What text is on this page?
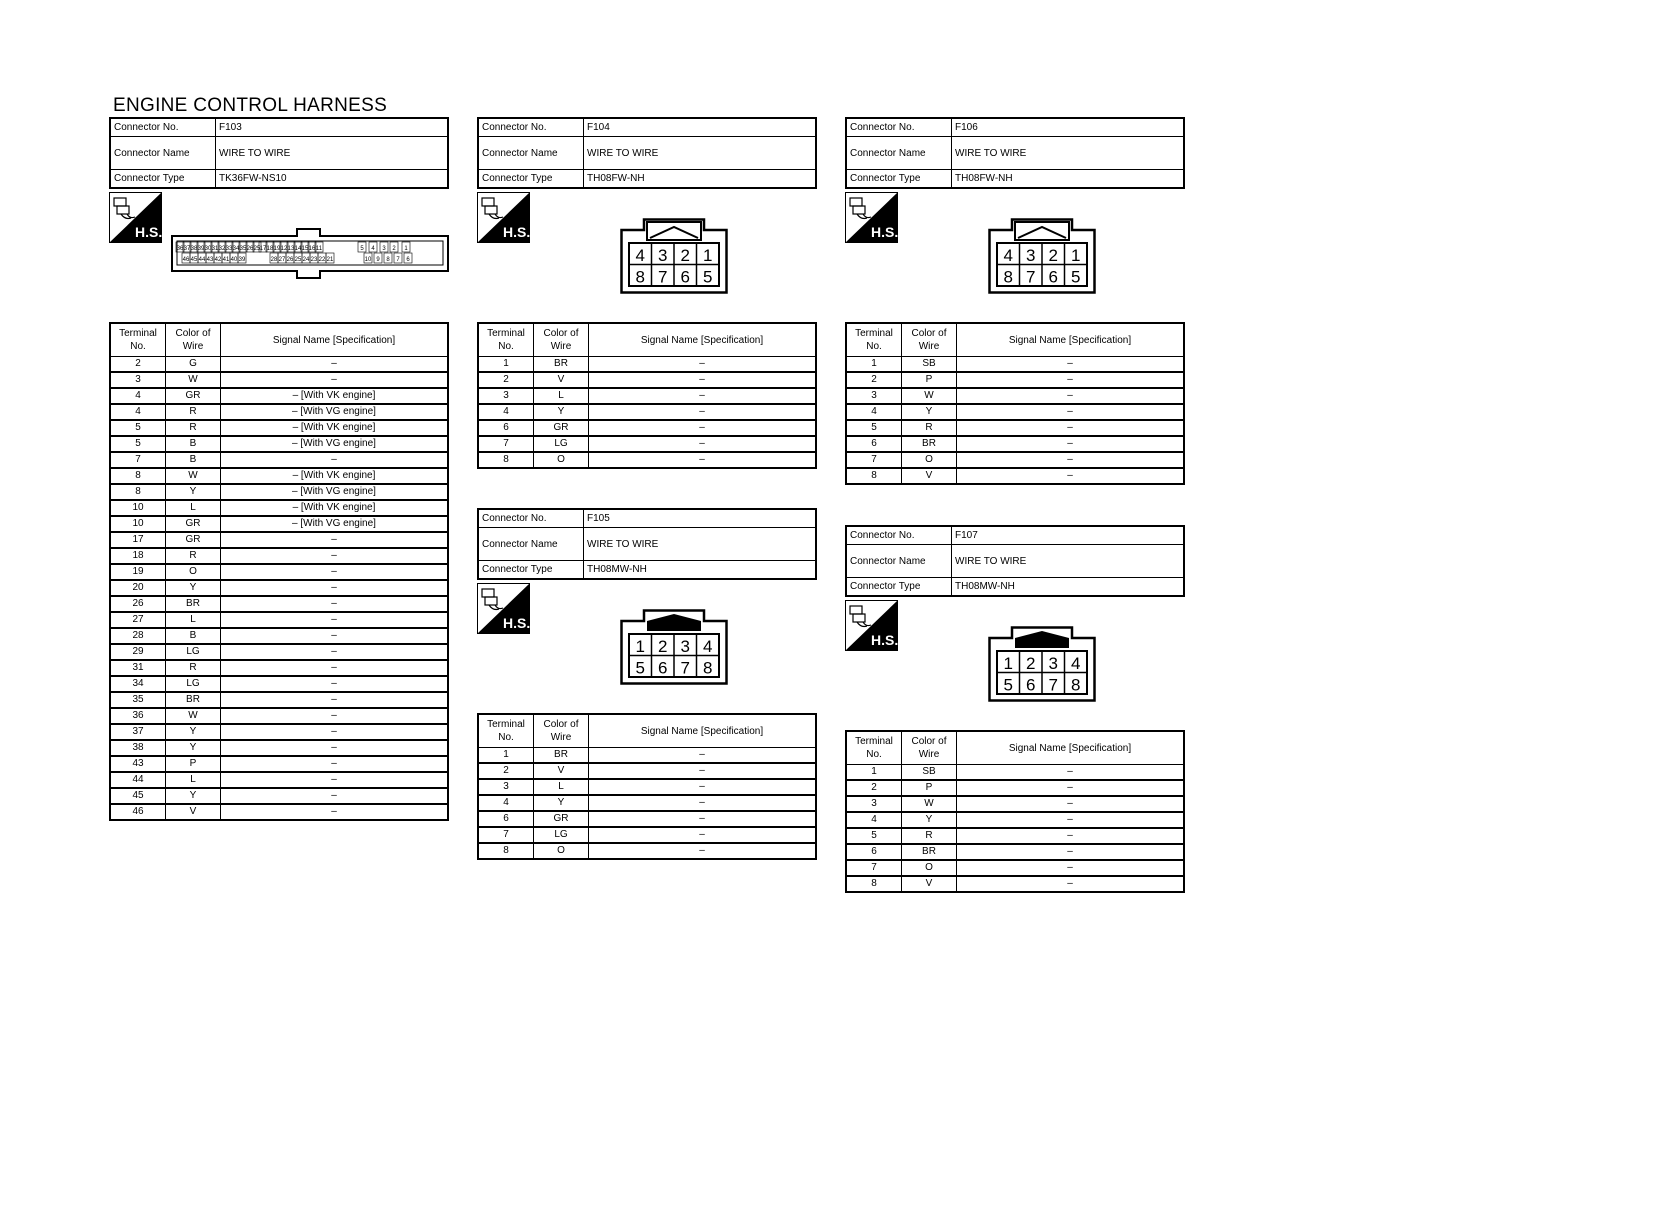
ENGINE CONTROL HARNESS
Connector No.	F103
Connector Name	WIRE TO WIRE
Connector Type	TK36FW-NS10
H.S.
36 37 38 39 30 31 32 33 34 35 26 25 17 18 19 12 13 14 15 16 11	5 4 3 2 1
46 45 44 43 42 41 40 39	28 27 26 25 24 23 22 21	10 9 8 7 6
Terminal No.	Color of Wire	Signal Name [Specification]
2	G	–
3	W	–
4	GR	– [With VK engine]
4	R	– [With VG engine]
5	R	– [With VK engine]
5	B	– [With VG engine]
7	B	–
8	W	– [With VK engine]
8	Y	– [With VG engine]
10	L	– [With VK engine]
10	GR	– [With VG engine]
17	GR	–
18	R	–
19	O	–
20	Y	–
26	BR	–
27	L	–
28	B	–
29	LG	–
31	R	–
34	LG	–
35	BR	–
36	W	–
37	Y	–
38	Y	–
43	P	–
44	L	–
45	Y	–
46	V	–
Connector No.	F104
Connector Name	WIRE TO WIRE
Connector Type	TH08FW-NH
H.S.
4 3 2 1
8 7 6 5
Terminal No.	Color of Wire	Signal Name [Specification]
1	BR	–
2	V	–
3	L	–
4	Y	–
6	GR	–
7	LG	–
8	O	–
Connector No.	F105
Connector Name	WIRE TO WIRE
Connector Type	TH08MW-NH
H.S.
1 2 3 4
5 6 7 8
Terminal No.	Color of Wire	Signal Name [Specification]
1	BR	–
2	V	–
3	L	–
4	Y	–
6	GR	–
7	LG	–
8	O	–
Connector No.	F106
Connector Name	WIRE TO WIRE
Connector Type	TH08FW-NH
H.S.
4 3 2 1
8 7 6 5
Terminal No.	Color of Wire	Signal Name [Specification]
1	SB	–
2	P	–
3	W	–
4	Y	–
5	R	–
6	BR	–
7	O	–
8	V	–
Connector No.	F107
Connector Name	WIRE TO WIRE
Connector Type	TH08MW-NH
H.S.
1 2 3 4
5 6 7 8
Terminal No.	Color of Wire	Signal Name [Specification]
1	SB	–
2	P	–
3	W	–
4	Y	–
5	R	–
6	BR	–
7	O	–
8	V	–
